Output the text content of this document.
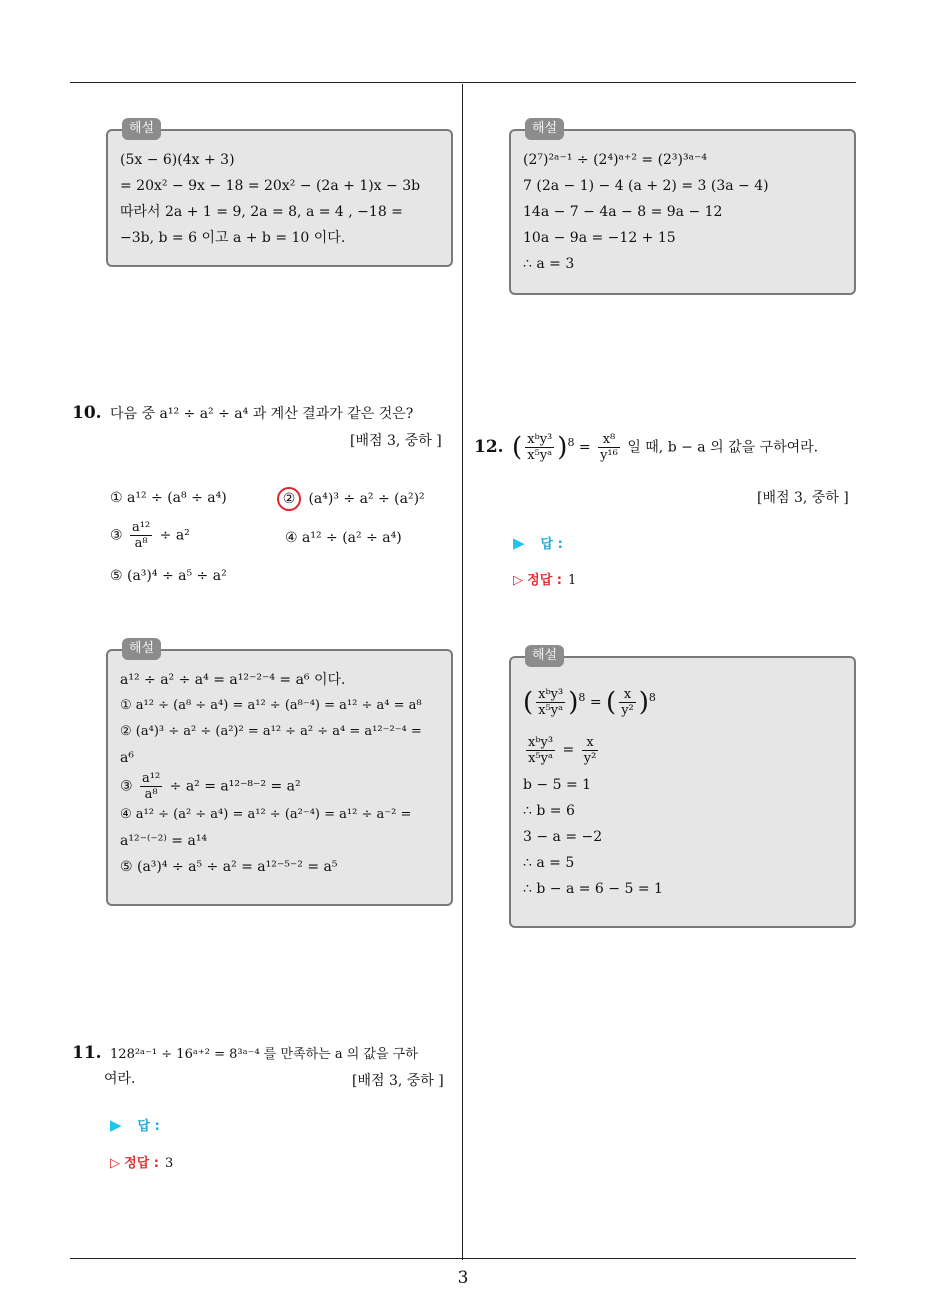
해설
(5x − 6)(4x + 3)
= 20x² − 9x − 18 = 20x² − (2a + 1)x − 3b
따라서 2a + 1 = 9, 2a = 8, a = 4 , −18 =
−3b, b = 6 이고 a + b = 10 이다.
해설
(2⁷)²ᵃ⁻¹ ÷ (2⁴)ᵃ⁺² = (2³)³ᵃ⁻⁴
7 (2a − 1) − 4 (a + 2) = 3 (3a − 4)
14a − 7 − 4a − 8 = 9a − 12
10a − 9a = −12 + 15
∴ a = 3
10. 다음 중 a¹² ÷ a² ÷ a⁴ 과 계산 결과가 같은 것은?
[배점 3, 중하 ]
① a¹² ÷ (a⁸ ÷ a⁴)	② (a⁴)³ ÷ a² ÷ (a²)²
③ $\frac{\text{a¹²}}{\text{a⁸}} \div a^2$	④ a¹² ÷ (a² ÷ a⁴)
⑤ (a³)⁴ ÷ a⁵ ÷ a²
해설
a¹² ÷ a² ÷ a⁴ = a¹²⁻²⁻⁴ = a⁶ 이다.
① a¹² ÷ (a⁸ ÷ a⁴) = a¹² ÷ (a⁸⁻⁴) = a¹² ÷ a⁴ = a⁸
② (a⁴)³ ÷ a² ÷ (a²)² = a¹² ÷ a² ÷ a⁴ = a¹²⁻²⁻⁴ =
a⁶
③ $\frac{\text{a¹²}}{\text{a⁸}} \div a^2 = a^{12-8-2} = a^2$
④ a¹² ÷ (a² ÷ a⁴) = a¹² ÷ (a²⁻⁴) = a¹² ÷ a⁻² =
a¹²⁻⁽⁻²⁾ = a¹⁴
⑤ (a³)⁴ ÷ a⁵ ÷ a² = a¹²⁻⁵⁻² = a⁵
11. 128²ᵃ⁻¹ ÷ 16ᵃ⁺² = 8³ᵃ⁻⁴ 를 만족하는 a 의 값을 구하
여라.	[배점 3, 중하 ]
▶ 답 :
▷ 정답 : 3
12. ( $\frac{\text{xᵇy³}}{\text{x⁵yᵃ}} )^8 = \frac{\text{x⁸}}{\text{y¹⁶}}$ 일 때, b − a 의 값을 구하여라.
[배점 3, 중하 ]
▶ 답 :
▷ 정답 : 1
해설
( $\frac{\text{xᵇy³}}{\text{x⁵yᵃ}} )^8$ = ( $\frac{x}{\text{y²}} )^8$
$\frac{\text{xᵇy³}}{\text{x⁵yᵃ}} = \frac{x}{\text{y²}}$
b − 5 = 1
∴ b = 6
3 − a = −2
∴ a = 5
∴ b − a = 6 − 5 = 1
3
